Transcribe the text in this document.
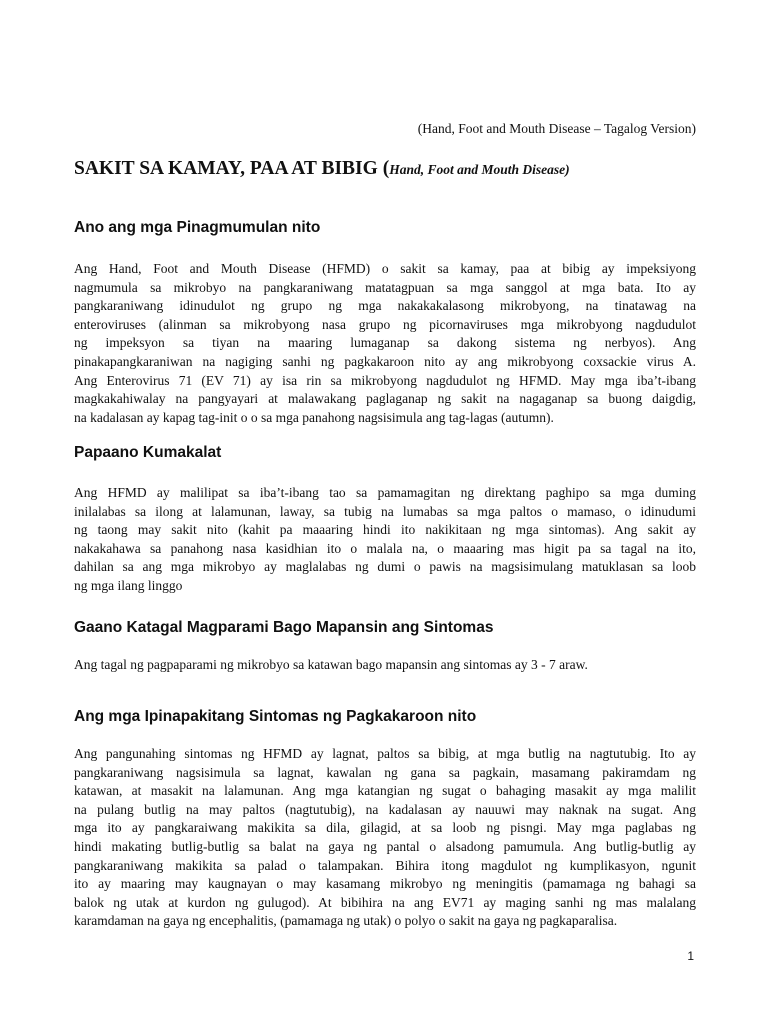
(Hand, Foot and Mouth Disease – Tagalog Version)

SAKIT SA KAMAY, PAA AT BIBIG (Hand, Foot and Mouth Disease)
Ano ang mga Pinagmumulan nito
Ang Hand, Foot and Mouth Disease (HFMD) o sakit sa kamay, paa at bibig ay impeksiyong
nagmumula sa mikrobyo na pangkaraniwang matatagpuan sa mga sanggol at mga bata. Ito ay
pangkaraniwang idinudulot ng grupo ng mga nakakakalasong mikrobyong, na tinatawag na
enteroviruses (alinman sa mikrobyong nasa grupo ng picornaviruses mga mikrobyong nagdudulot
ng impeksyon sa tiyan na maaring lumaganap sa dakong sistema ng nerbyos). Ang
pinakapangkaraniwan na nagiging sanhi ng pagkakaroon nito ay ang mikrobyong coxsackie virus A.
Ang Enterovirus 71 (EV 71) ay isa rin sa mikrobyong nagdudulot ng HFMD. May mga iba’t-ibang
magkakahiwalay na pangyayari at malawakang paglaganap ng sakit na nagaganap sa buong daigdig,
na kadalasan ay kapag tag-init o o sa mga panahong nagsisimula ang tag-lagas (autumn).
Papaano Kumakalat
Ang HFMD ay malilipat sa iba’t-ibang tao sa pamamagitan ng direktang paghipo sa mga duming
inilalabas sa ilong at lalamunan, laway, sa tubig na lumabas sa mga paltos o mamaso, o idinudumi
ng taong may sakit nito (kahit pa maaaring hindi ito nakikitaan ng mga sintomas). Ang sakit ay
nakakahawa sa panahong nasa kasidhian ito o malala na, o maaaring mas higit pa sa tagal na ito,
dahilan sa ang mga mikrobyo ay maglalabas ng dumi o pawis na magsisimulang matuklasan sa loob
ng mga ilang linggo
Gaano Katagal Magparami Bago Mapansin ang Sintomas
Ang tagal ng pagpaparami ng mikrobyo sa katawan bago mapansin ang sintomas ay 3 - 7 araw.
Ang mga Ipinapakitang Sintomas ng Pagkakaroon nito
Ang pangunahing sintomas ng HFMD ay lagnat, paltos sa bibig, at mga butlig na nagtutubig. Ito ay
pangkaraniwang nagsisimula sa lagnat, kawalan ng gana sa pagkain, masamang pakiramdam ng
katawan, at masakit na lalamunan. Ang mga katangian ng sugat o bahaging masakit ay mga malilit
na pulang butlig na may paltos (nagtutubig), na kadalasan ay nauuwi may naknak na sugat. Ang
mga ito ay pangkaraiwang makikita sa dila, gilagid, at sa loob ng pisngi. May mga paglabas ng
hindi makating butlig-butlig sa balat na gaya ng pantal o alsadong pamumula. Ang butlig-butlig ay
pangkaraniwang makikita sa palad o talampakan. Bihira itong magdulot ng kumplikasyon, ngunit
ito ay maaring may kaugnayan o may kasamang mikrobyo ng meningitis (pamamaga ng bahagi sa
balok ng utak at kurdon ng gulugod). At bibihira na ang EV71 ay maging sanhi ng mas malalang
karamdaman na gaya ng encephalitis, (pamamaga ng utak) o polyo o sakit na gaya ng pagkaparalisa.

1
